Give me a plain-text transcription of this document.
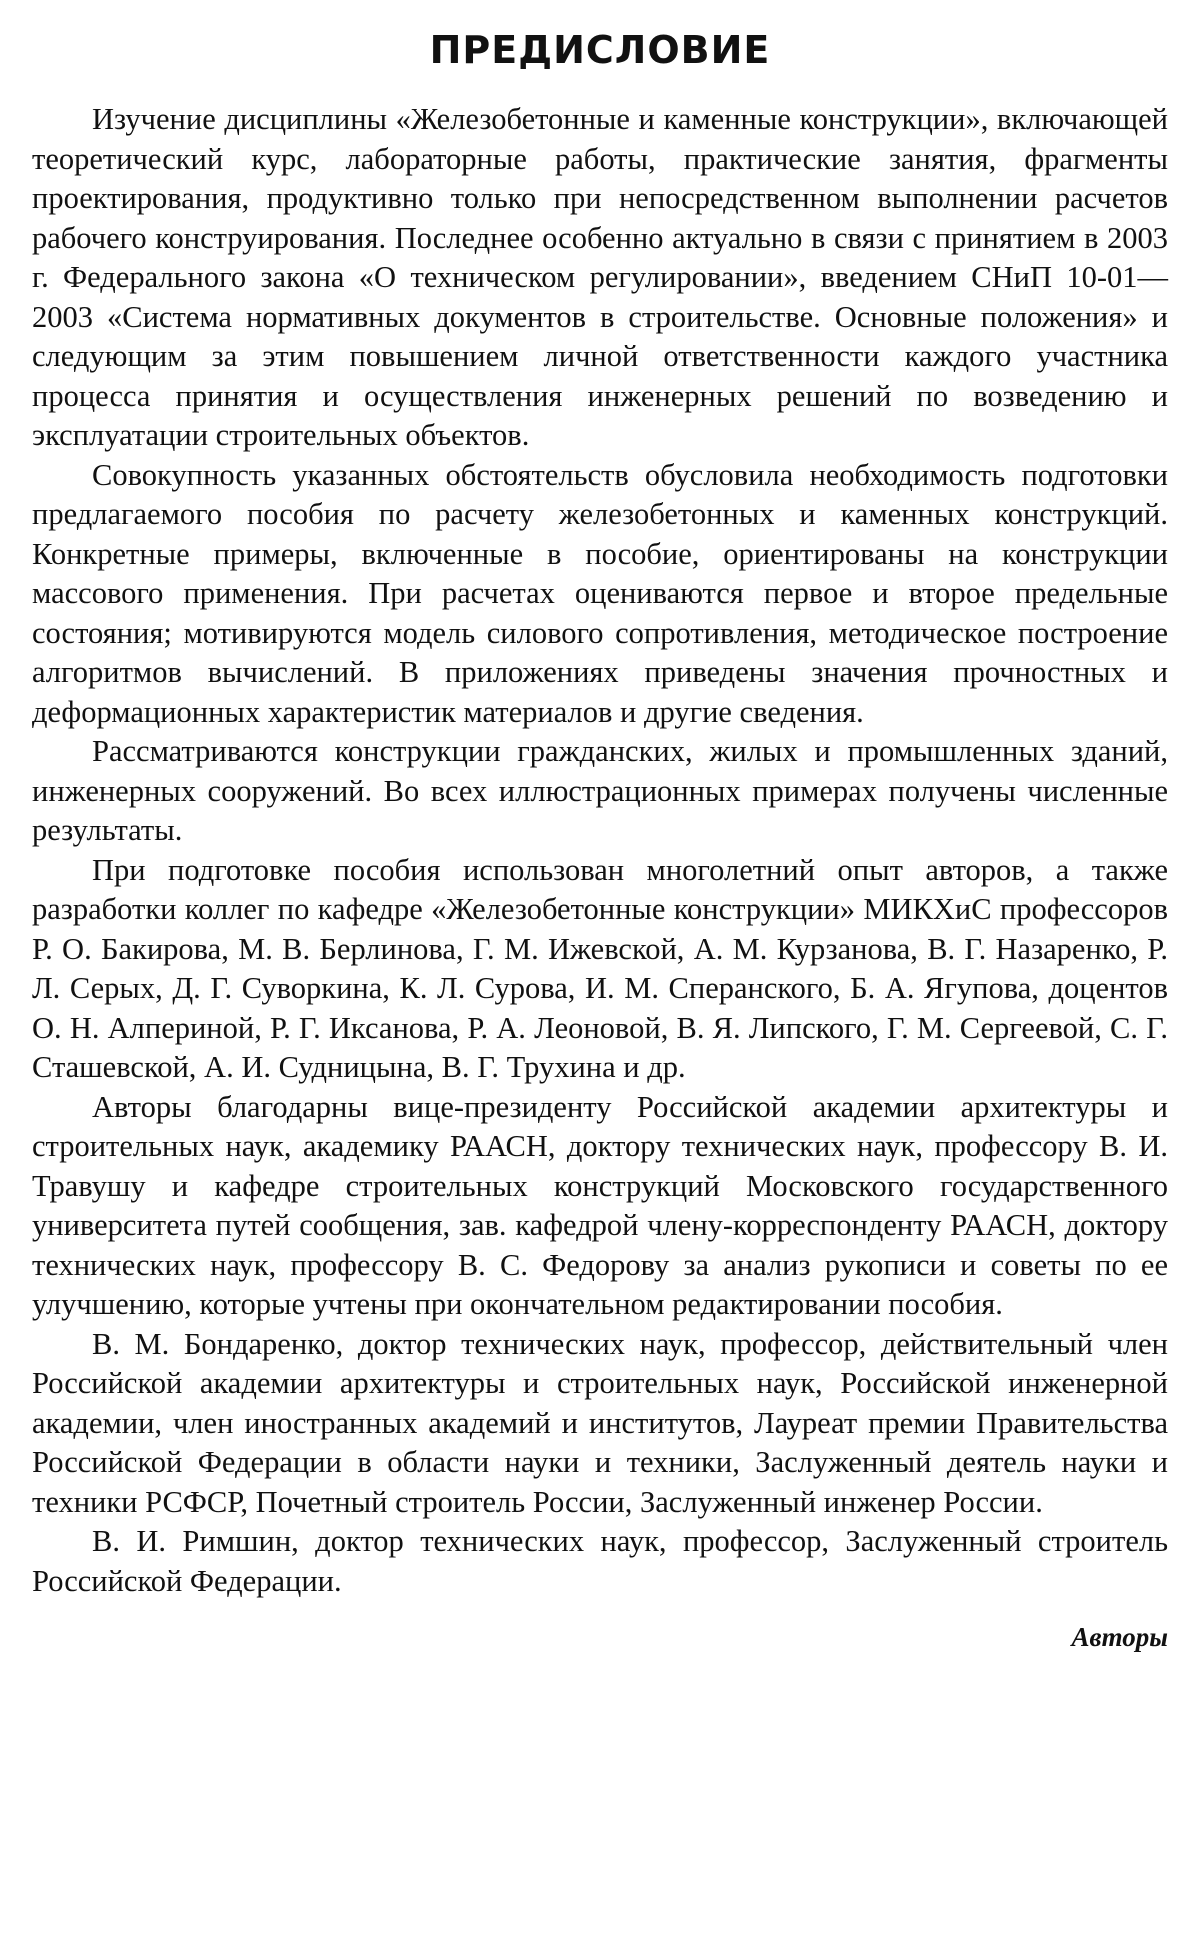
ПРЕДИСЛОВИЕ

Изучение дисциплины «Железобетонные и каменные конструкции», включающей теоретический курс, лабораторные работы, практические занятия, фрагменты проектирования, продуктивно только при непосредственном выполнении расчетов рабочего конструирования. Последнее особенно актуально в связи с принятием в 2003 г. Федерального закона «О техническом регулировании», введением СНиП 10-01—2003 «Система нормативных документов в строительстве. Основные положения» и следующим за этим повышением личной ответственности каждого участника процесса принятия и осуществления инженерных решений по возведению и эксплуатации строительных объектов.

Совокупность указанных обстоятельств обусловила необходимость подготовки предлагаемого пособия по расчету железобетонных и каменных конструкций. Конкретные примеры, включенные в пособие, ориентированы на конструкции массового применения. При расчетах оцениваются первое и второе предельные состояния; мотивируются модель силового сопротивления, методическое построение алгоритмов вычислений. В приложениях приведены значения прочностных и деформационных характеристик материалов и другие сведения.

Рассматриваются конструкции гражданских, жилых и промышленных зданий, инженерных сооружений. Во всех иллюстрационных примерах получены численные результаты.

При подготовке пособия использован многолетний опыт авторов, а также разработки коллег по кафедре «Железобетонные конструкции» МИКХиС профессоров Р. О. Бакирова, М. В. Берлинова, Г. М. Ижевской, А. М. Курзанова, В. Г. Назаренко, Р. Л. Серых, Д. Г. Суворкина, К. Л. Сурова, И. М. Сперанского, Б. А. Ягупова, доцентов О. Н. Алпериной, Р. Г. Иксанова, Р. А. Леоновой, В. Я. Липского, Г. М. Сергеевой, С. Г. Сташевской, А. И. Судницына, В. Г. Трухина и др.

Авторы благодарны вице-президенту Российской академии архитектуры и строительных наук, академику РААСН, доктору технических наук, профессору В. И. Травушу и кафедре строительных конструкций Московского государственного университета путей сообщения, зав. кафедрой члену-корреспонденту РААСН, доктору технических наук, профессору В. С. Федорову за анализ рукописи и советы по ее улучшению, которые учтены при окончательном редактировании пособия.

В. М. Бондаренко, доктор технических наук, профессор, действительный член Российской академии архитектуры и строительных наук, Российской инженерной академии, член иностранных академий и институтов, Лауреат премии Правительства Российской Федерации в области науки и техники, Заслуженный деятель науки и техники РСФСР, Почетный строитель России, Заслуженный инженер России.

В. И. Римшин, доктор технических наук, профессор, Заслуженный строитель Российской Федерации.

Авторы
